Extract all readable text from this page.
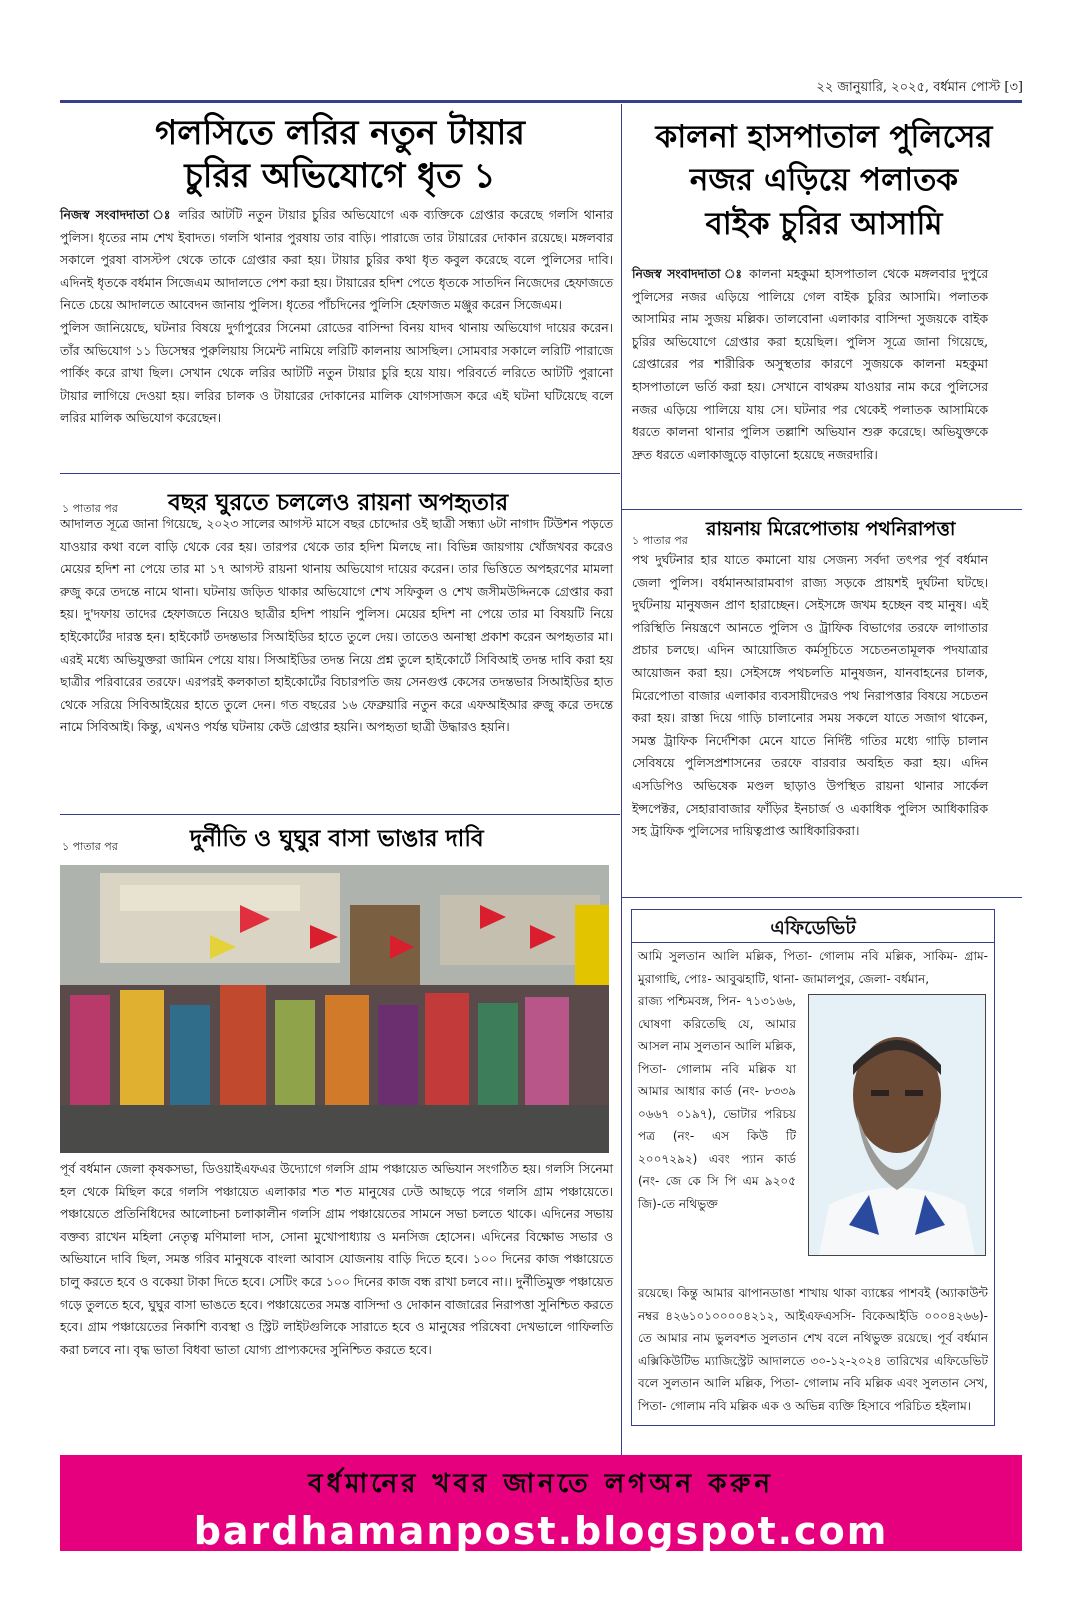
২২ জানুয়ারি, ২০২৫, বর্ধমান পোস্ট [৩]
গলসিতে লরির নতুন টায়ার
চুরির অভিযোগে ধৃত ১

নিজস্ব সংবাদদাতা ঃ লরির আটটি নতুন টায়ার চুরির অভিযোগে এক ব্যক্তিকে গ্রেপ্তার করেছে গলসি থানার পুলিস। ধৃতের নাম শেখ ইবাদত। গলসি থানার পুরষায় তার বাড়ি। পারাজে তার টায়ারের দোকান রয়েছে। মঙ্গলবার সকালে পুরষা বাসস্টপ থেকে তাকে গ্রেপ্তার করা হয়। টায়ার চুরির কথা ধৃত কবুল করেছে বলে পুলিসের দাবি। এদিনই ধৃতকে বর্ধমান সিজেএম আদালতে পেশ করা হয়। টায়ারের হদিশ পেতে ধৃতকে সাতদিন নিজেদের হেফাজতে নিতে চেয়ে আদালতে আবেদন জানায় পুলিস। ধৃতের পাঁচদিনের পুলিসি হেফাজত মঞ্জুর করেন সিজেএম।

পুলিস জানিয়েছে, ঘটনার বিষয়ে দুর্গাপুরের সিনেমা রোডের বাসিন্দা বিনয় যাদব থানায় অভিযোগ দায়ের করেন। তাঁর অভিযোগ ১১ ডিসেম্বর পুরুলিয়ায় সিমেন্ট নামিয়ে লরিটি কালনায় আসছিল। সোমবার সকালে লরিটি পারাজে পার্কিং করে রাখা ছিল। সেখান থেকে লরির আটটি নতুন টায়ার চুরি হয়ে যায়। পরিবর্তে লরিতে আটটি পুরানো টায়ার লাগিয়ে দেওয়া হয়। লরির চালক ও টায়ারের দোকানের মালিক যোগসাজস করে এই ঘটনা ঘটিয়েছে বলে লরির মালিক অভিযোগ করেছেন।

কালনা হাসপাতাল পুলিসের
নজর এড়িয়ে পলাতক
বাইক চুরির আসামি

নিজস্ব সংবাদদাতা ঃ কালনা মহকুমা হাসপাতাল থেকে মঙ্গলবার দুপুরে পুলিসের নজর এড়িয়ে পালিয়ে গেল বাইক চুরির আসামি। পলাতক আসামির নাম সুজয় মল্লিক। তালবোনা এলাকার বাসিন্দা সুজয়কে বাইক চুরির অভিযোগে গ্রেপ্তার করা হয়েছিল। পুলিস সূত্রে জানা গিয়েছে, গ্রেপ্তারের পর শারীরিক অসুস্থতার কারণে সুজয়কে কালনা মহকুমা হাসপাতালে ভর্তি করা হয়। সেখানে বাথরুম যাওয়ার নাম করে পুলিসের নজর এড়িয়ে পালিয়ে যায় সে। ঘটনার পর থেকেই পলাতক আসামিকে ধরতে কালনা থানার পুলিস তল্লাশি অভিযান শুরু করেছে। অভিযুক্তকে দ্রুত ধরতে এলাকাজুড়ে বাড়ানো হয়েছে নজরদারি।

১ পাতার পর বছর ঘুরতে চললেও রায়না অপহৃতার

আদালত সূত্রে জানা গিয়েছে, ২০২৩ সালের আগস্ট মাসে বছর চোদ্দোর ওই ছাত্রী সন্ধ্যা ৬টা নাগাদ টিউশন পড়তে যাওয়ার কথা বলে বাড়ি থেকে বের হয়। তারপর থেকে তার হদিশ মিলছে না। বিভিন্ন জায়গায় খোঁজখবর করেও মেয়ের হদিশ না পেয়ে তার মা ১৭ আগস্ট রায়না থানায় অভিযোগ দায়ের করেন। তার ভিত্তিতে অপহরণের মামলা রুজু করে তদন্তে নামে থানা। ঘটনায় জড়িত থাকার অভিযোগে শেখ সফিকুল ও শেখ জসীমউদ্দিনকে গ্রেপ্তার করা হয়। দু'দফায় তাদের হেফাজতে নিয়েও ছাত্রীর হদিশ পায়নি পুলিস। মেয়ের হদিশ না পেয়ে তার মা বিষয়টি নিয়ে হাইকোর্টের দারস্ত হন। হাইকোর্ট তদন্তভার সিআইডির হাতে তুলে দেয়। তাতেও অনাস্থা প্রকাশ করেন অপহৃতার মা। এরই মধ্যে অভিযুক্তরা জামিন পেয়ে যায়। সিআইডির তদন্ত নিয়ে প্রশ্ন তুলে হাইকোর্টে সিবিআই তদন্ত দাবি করা হয় ছাত্রীর পরিবারের তরফে। এরপরই কলকাতা হাইকোর্টের বিচারপতি জয় সেনগুপ্ত কেসের তদন্তভার সিআইডির হাত থেকে সরিয়ে সিবিআইয়ের হাতে তুলে দেন। গত বছরের ১৬ ফেব্রুয়ারি নতুন করে এফআইআর রুজু করে তদন্তে নামে সিবিআই। কিন্তু, এখনও পর্যন্ত ঘটনায় কেউ গ্রেপ্তার হয়নি। অপহৃতা ছাত্রী উদ্ধারও হয়নি।

১ পাতার পর
রায়নায় মিরেপোতায় পথনিরাপত্তা

পথ দুর্ঘটনার হার যাতে কমানো যায় সেজন্য সর্বদা তৎপর পূর্ব বর্ধমান জেলা পুলিস। বর্ধমানআরামবাগ রাজ্য সড়কে প্রায়শই দুর্ঘটনা ঘটছে। দুর্ঘটনায় মানুষজন প্রাণ হারাচ্ছেন। সেইসঙ্গে জখম হচ্ছেন বহু মানুষ। এই পরিস্থিতি নিয়ন্ত্রণে আনতে পুলিস ও ট্রাফিক বিভাগের তরফে লাগাতার প্রচার চলছে। এদিন আয়োজিত কর্মসূচিতে সচেতনতামূলক পদযাত্রার আয়োজন করা হয়। সেইসঙ্গে পথচলতি মানুষজন, যানবাহনের চালক, মিরেপোতা বাজার এলাকার ব্যবসায়ীদেরও পথ নিরাপত্তার বিষয়ে সচেতন করা হয়। রাস্তা দিয়ে গাড়ি চালানোর সময় সকলে যাতে সজাগ থাকেন, সমস্ত ট্রাফিক নির্দেশিকা মেনে যাতে নির্দিষ্ট গতির মধ্যে গাড়ি চালান সেবিষয়ে পুলিসপ্রশাসনের তরফে বারবার অবহিত করা হয়। এদিন এসডিপিও অভিষেক মণ্ডল ছাড়াও উপস্থিত রায়না থানার সার্কেল ইন্সপেক্টর, সেহারাবাজার ফাঁড়ির ইনচার্জ ও একাধিক পুলিস আধিকারিক সহ ট্রাফিক পুলিসের দায়িত্বপ্রাপ্ত আধিকারিকরা।

১ পাতার পর	দুর্নীতি ও ঘুঘুর বাসা ভাঙার দাবি

পূর্ব বর্ধমান জেলা কৃষকসভা, ডিওয়াইএফএর উদ্যোগে গলসি গ্রাম পঞ্চায়েত অভিযান সংগঠিত হয়। গলসি সিনেমা হল থেকে মিছিল করে গলসি পঞ্চায়েত এলাকার শত শত মানুষের ঢেউ আছড়ে পরে গলসি গ্রাম পঞ্চায়েতে। পঞ্চায়েতে প্রতিনিধিদের আলোচনা চলাকালীন গলসি গ্রাম পঞ্চায়েতের সামনে সভা চলতে থাকে। এদিনের সভায় বক্তব্য রাখেন মহিলা নেতৃত্ব মণিমালা দাস, সোনা মুখোপাধ্যায় ও মনসিজ হোসেন। এদিনের বিক্ষোভ সভার ও অভিযানে দাবি ছিল, সমস্ত গরিব মানুষকে বাংলা আবাস যোজনায় বাড়ি দিতে হবে। ১০০ দিনের কাজ পঞ্চায়েতে চালু করতে হবে ও বকেয়া টাকা দিতে হবে। সেটিং করে ১০০ দিনের কাজ বন্ধ রাখা চলবে না।। দুর্নীতিমুক্ত পঞ্চায়েত গড়ে তুলতে হবে, ঘুঘুর বাসা ভাঙতে হবে। পঞ্চায়েতের সমস্ত বাসিন্দা ও দোকান বাজারের নিরাপত্তা সুনিশ্চিত করতে হবে। গ্রাম পঞ্চায়েতের নিকাশি ব্যবস্থা ও স্ট্রিট লাইটগুলিকে সারাতে হবে ও মানুষের পরিষেবা দেখভালে গাফিলতি করা চলবে না। বৃদ্ধ ভাতা বিধবা ভাতা যোগ্য প্রাপ্যকদের সুনিশ্চিত করতে হবে।

এফিডেভিট
আমি সুলতান আলি মল্লিক, পিতা- গোলাম নবি মল্লিক, সাকিম- গ্রাম- মুরাগাছি, পোঃ- আবুঝহাটি, থানা- জামালপুর, জেলা- বর্ধমান,
রাজ্য পশ্চিমবঙ্গ, পিন- ৭১৩১৬৬, ঘোষণা করিতেছি যে, আমার আসল নাম সুলতান আলি মল্লিক, পিতা- গোলাম নবি মল্লিক যা আমার আধার কার্ড (নং- ৮৩৩৯ ০৬৬৭ ০১৯৭), ভোটার পরিচয় পত্র (নং- এস কিউ টি ২০০৭২৯২) এবং প্যান কার্ড (নং- জে কে সি পি এম ৯২০৫ জি)-তে নথিভুক্ত
রয়েছে। কিন্তু আমার ঝাপানডাঙা শাখায় থাকা ব্যাঙ্কের পাশবই (অ্যাকাউন্ট নম্বর ৪২৬১০১০০০০৪২১২, আইএফএসসি- বিকেআইডি ০০০৪২৬৬)-তে আমার নাম ভুলবশত সুলতান শেখ বলে নথিভুক্ত রয়েছে। পূর্ব বর্ধমান এক্সিকিউটিভ ম্যাজিস্ট্রেট আদালতে ৩০-১২-২০২৪ তারিখের এফিডেভিট বলে সুলতান আলি মল্লিক, পিতা- গোলাম নবি মল্লিক এবং সুলতান সেখ, পিতা- গোলাম নবি মল্লিক এক ও অভিন্ন ব্যক্তি হিসাবে পরিচিত হইলাম।
বর্ধমানের খবর জানতে লগঅন করুন
bardhamanpost.blogspot.com
